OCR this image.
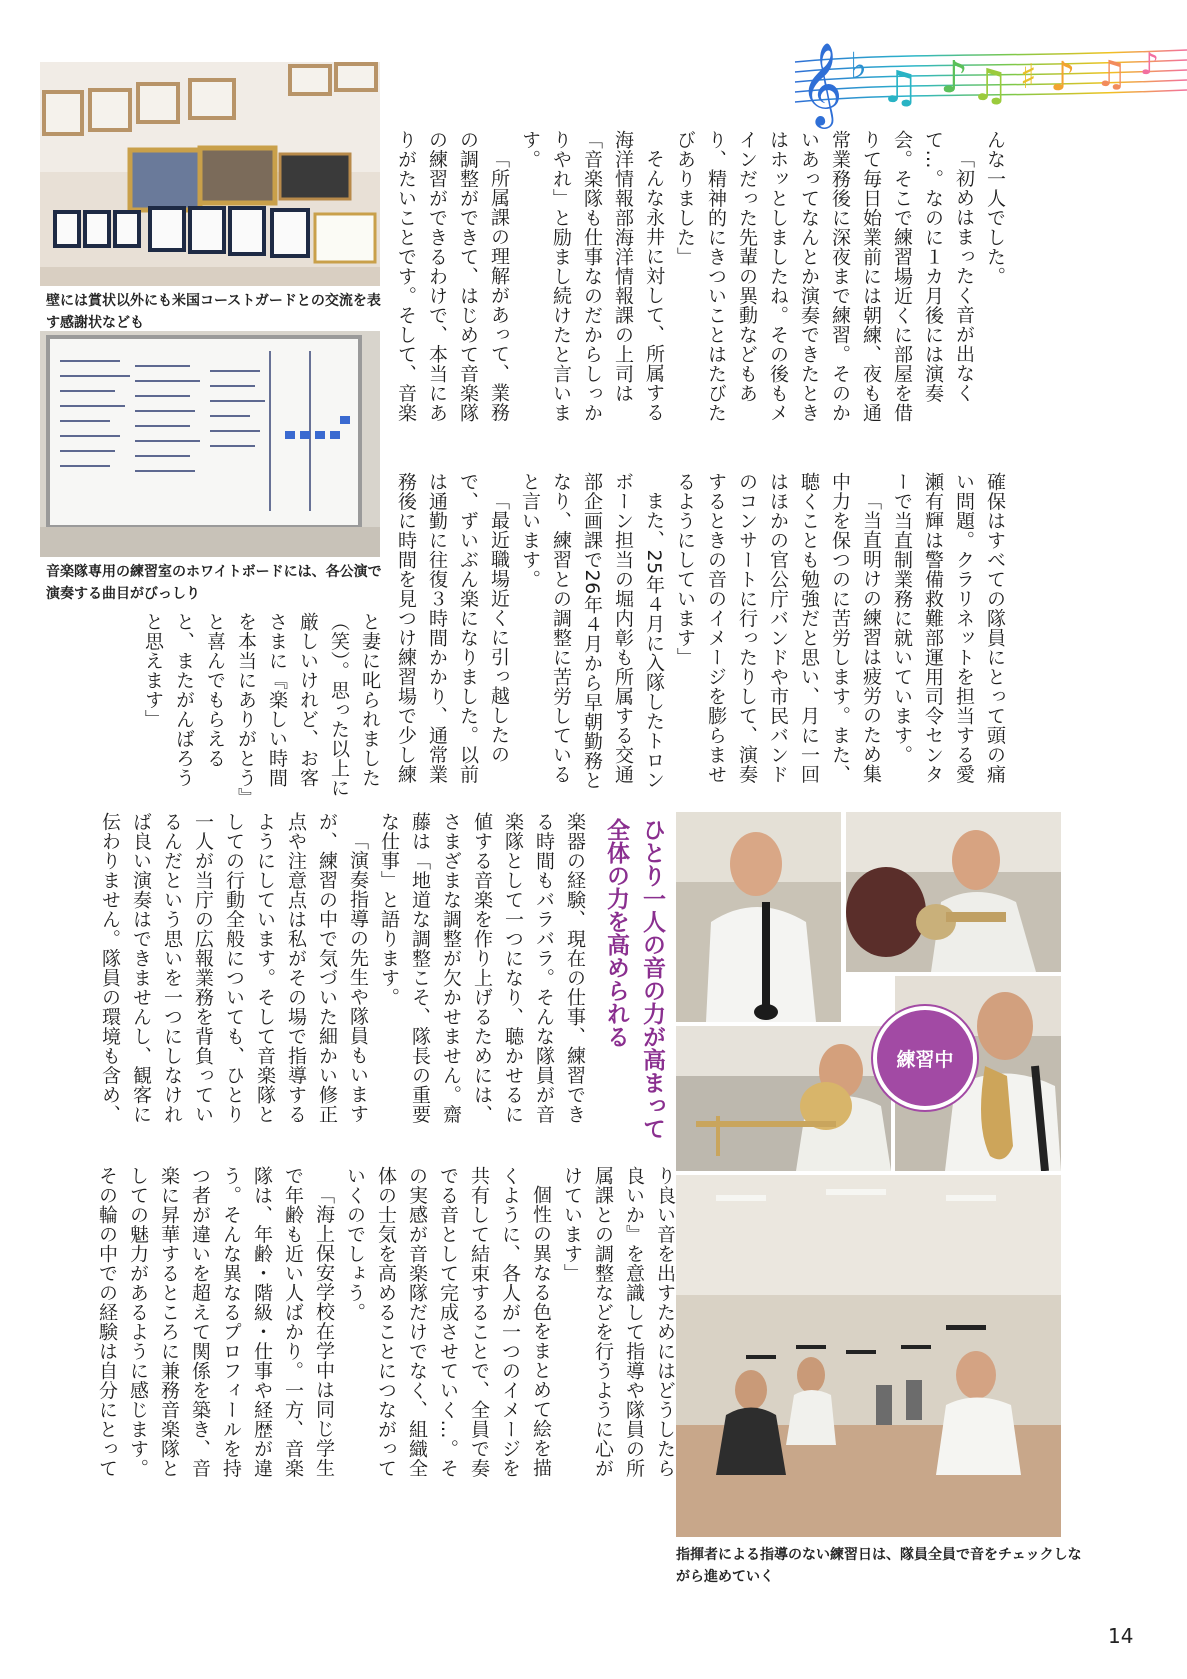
𝄞 ♭ ♫ ♪ ♫ ♯ ♪ ♫ ♪
壁には賞状以外にも米国コーストガードとの交流を表す感謝状なども
音楽隊専用の練習室のホワイトボードには、各公演で演奏する曲目がびっしり

んな一人でした。

「初めはまったく音が出なくて…。なのに１カ月後には演奏会。そこで練習場近くに部屋を借りて毎日始業前には朝練、夜も通常業務後に深夜まで練習。そのかいあってなんとか演奏できたときはホッとしましたね。その後もメインだった先輩の異動などもあり、精神的にきついことはたびたびありました」

そんな永井に対して、所属する海洋情報部海洋情報課の上司は「音楽隊も仕事なのだからしっかりやれ」と励まし続けたと言います。

「所属課の理解があって、業務の調整ができて、はじめて音楽隊の練習ができるわけで、本当にありがたいことです。そして、音楽

確保はすべての隊員にとって頭の痛い問題。クラリネットを担当する愛瀬有輝は警備救難部運用司令センターで当直制業務に就いています。

「当直明けの練習は疲労のため集中力を保つのに苦労します。また、聴くことも勉強だと思い、月に一回はほかの官公庁バンドや市民バンドのコンサートに行ったりして、演奏するときの音のイメージを膨らませるようにしています」

また、25年４月に入隊したトロンボーン担当の堀内彰も所属する交通部企画課で26年４月から早朝勤務となり、練習との調整に苦労していると言います。

「最近職場近くに引っ越したので、ずいぶん楽になりました。以前は通勤に往復３時間かかり、通常業務後に時間を見つけ練習場で少し練

と妻に叱られました（笑）。思った以上に厳しいけれど、お客さまに『楽しい時間を本当にありがとう』と喜んでもらえると、またがんばろうと思えます」

ひとり一人の音の力が高まって全体の力を高められる

楽器の経験、現在の仕事、練習できる時間もバラバラ。そんな隊員が音楽隊として一つになり、聴かせるに値する音楽を作り上げるためには、さまざまな調整が欠かせません。齋藤は「地道な調整こそ、隊長の重要な仕事」と語ります。

「演奏指導の先生や隊員もいますが、練習の中で気づいた細かい修正点や注意点は私がその場で指導するようにしています。そして音楽隊としての行動全般についても、ひとり一人が当庁の広報業務を背負っているんだという思いを一つにしなければ良い演奏はできませんし、観客に伝わりません。隊員の環境も含め、

り良い音を出すためにはどうしたら良いか』を意識して指導や隊員の所属課との調整などを行うように心がけています」

個性の異なる色をまとめて絵を描くように、各人が一つのイメージを共有して結束することで、全員で奏でる音として完成させていく…。その実感が音楽隊だけでなく、組織全体の士気を高めることにつながっていくのでしょう。

「海上保安学校在学中は同じ学生で年齢も近い人ばかり。一方、音楽隊は、年齢・階級・仕事や経歴が違う。そんな異なるプロフィールを持つ者が違いを超えて関係を築き、音楽に昇華するところに兼務音楽隊としての魅力があるように感じます。その輪の中での経験は自分にとって

練習中
指揮者による指導のない練習日は、隊員全員で音をチェックしながら進めていく
14
